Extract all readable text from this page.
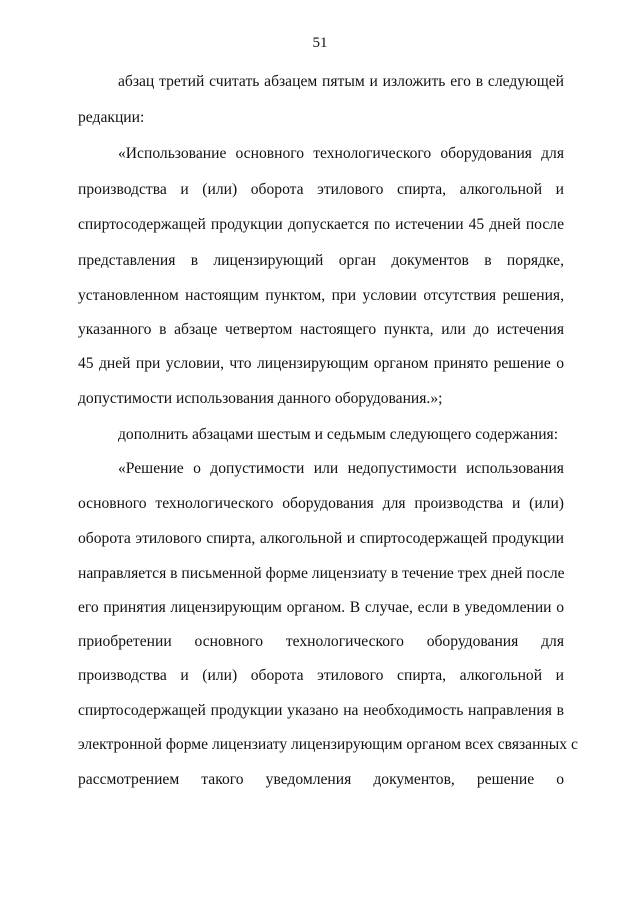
51
абзац третий считать абзацем пятым и изложить его в следующей
редакции:
«Использование основного технологического оборудования для
производства и (или) оборота этилового спирта, алкогольной и
спиртосодержащей продукции допускается по истечении 45 дней после
представления в лицензирующий орган документов в порядке,
установленном настоящим пунктом, при условии отсутствия решения,
указанного в абзаце четвертом настоящего пункта, или до истечения
45 дней при условии, что лицензирующим органом принято решение о
допустимости использования данного оборудования.»;
дополнить абзацами шестым и седьмым следующего содержания:
«Решение о допустимости или недопустимости использования
основного технологического оборудования для производства и (или)
оборота этилового спирта, алкогольной и спиртосодержащей продукции
направляется в письменной форме лицензиату в течение трех дней после
его принятия лицензирующим органом. В случае, если в уведомлении о
приобретении основного технологического оборудования для
производства и (или) оборота этилового спирта, алкогольной и
спиртосодержащей продукции указано на необходимость направления в
электронной форме лицензиату лицензирующим органом всех связанных с
рассмотрением такого уведомления документов, решение о
